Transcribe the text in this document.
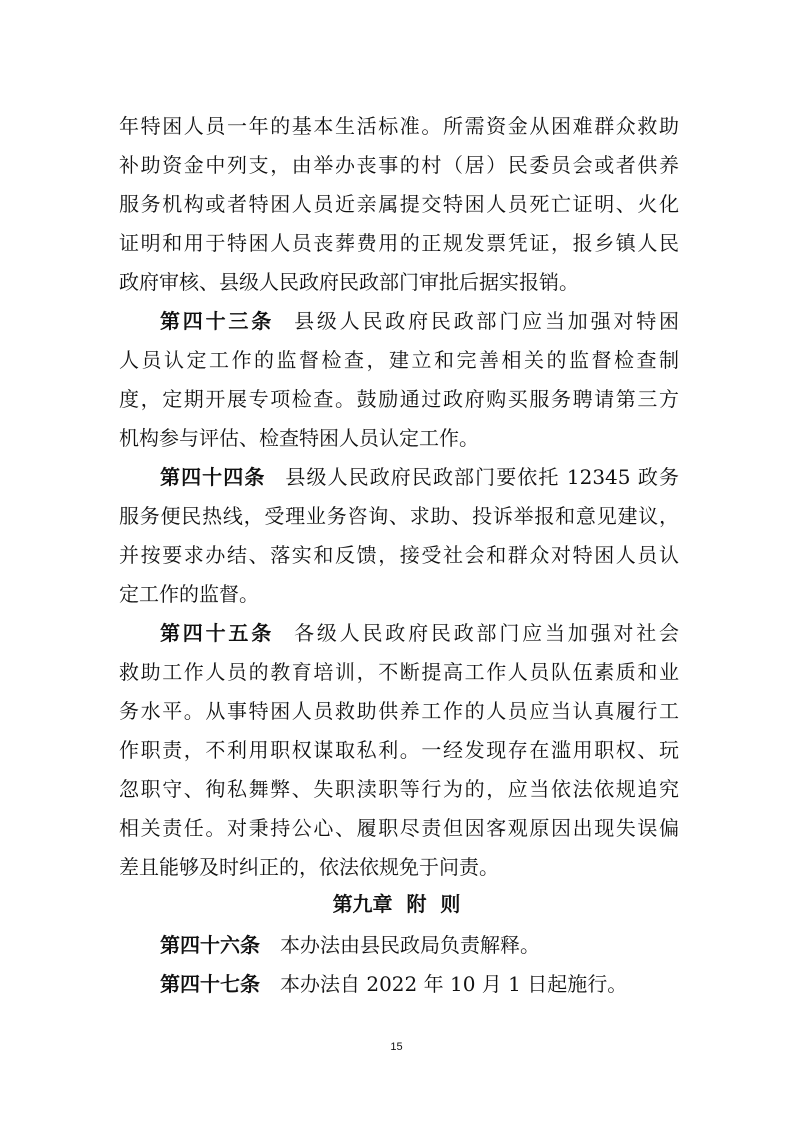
年特困人员一年的基本生活标准。所需资金从困难群众救助
补助资金中列支，由举办丧事的村（居）民委员会或者供养
服务机构或者特困人员近亲属提交特困人员死亡证明、火化
证明和用于特困人员丧葬费用的正规发票凭证，报乡镇人民
政府审核、县级人民政府民政部门审批后据实报销。
第四十三条 县级人民政府民政部门应当加强对特困
人员认定工作的监督检查，建立和完善相关的监督检查制
度，定期开展专项检查。鼓励通过政府购买服务聘请第三方
机构参与评估、检查特困人员认定工作。
第四十四条 县级人民政府民政部门要依托 12345 政务
服务便民热线，受理业务咨询、求助、投诉举报和意见建议，
并按要求办结、落实和反馈，接受社会和群众对特困人员认
定工作的监督。
第四十五条 各级人民政府民政部门应当加强对社会
救助工作人员的教育培训，不断提高工作人员队伍素质和业
务水平。从事特困人员救助供养工作的人员应当认真履行工
作职责，不利用职权谋取私利。一经发现存在滥用职权、玩
忽职守、徇私舞弊、失职渎职等行为的，应当依法依规追究
相关责任。对秉持公心、履职尽责但因客观原因出现失误偏
差且能够及时纠正的，依法依规免于问责。
第九章  附  则
第四十六条 本办法由县民政局负责解释。
第四十七条 本办法自 2022 年 10 月 1 日起施行。
15
